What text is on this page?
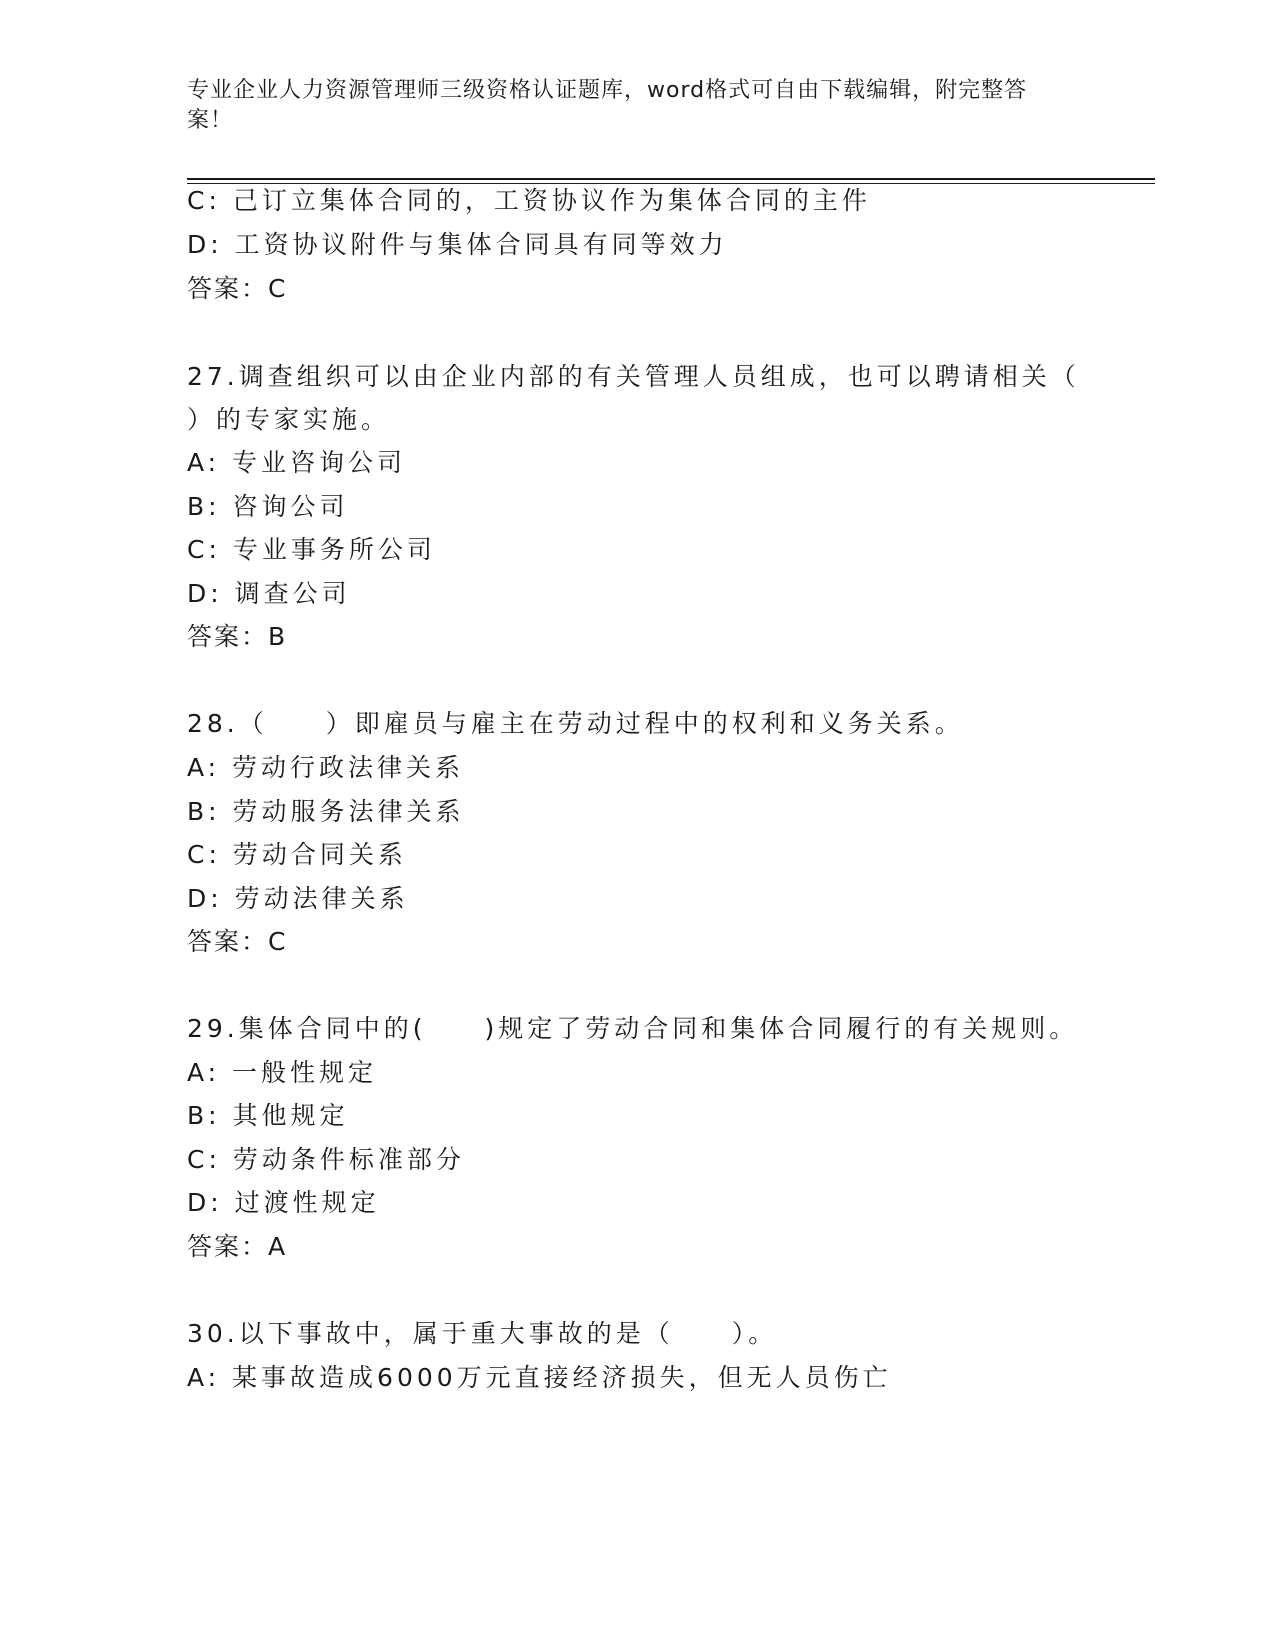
专业企业人力资源管理师三级资格认证题库，word格式可自由下载编辑，附完整答案！
C: 己订立集体合同的，工资协议作为集体合同的主件
D: 工资协议附件与集体合同具有同等效力
答案：C
27.调查组织可以由企业内部的有关管理人员组成，也可以聘请相关（
）的专家实施。
A: 专业咨询公司
B: 咨询公司
C: 专业事务所公司
D: 调查公司
答案：B
28.（　　）即雇员与雇主在劳动过程中的权利和义务关系。
A: 劳动行政法律关系
B: 劳动服务法律关系
C: 劳动合同关系
D: 劳动法律关系
答案：C
29.集体合同中的(　　)规定了劳动合同和集体合同履行的有关规则。
A: 一般性规定
B: 其他规定
C: 劳动条件标准部分
D: 过渡性规定
答案：A
30.以下事故中，属于重大事故的是（　　）。
A: 某事故造成6000万元直接经济损失，但无人员伤亡
